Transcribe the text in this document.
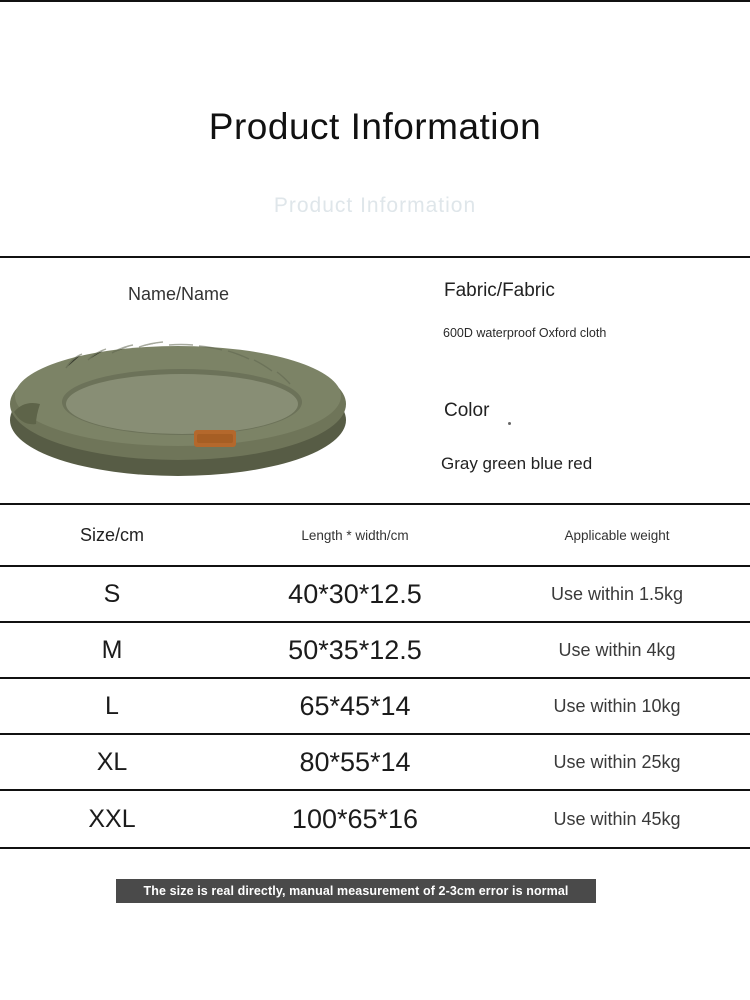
Product Information
Product Information
Name/Name	Fabric/Fabric
600D waterproof Oxford cloth
Color
Gray green blue red
Size/cm	Length * width/cm	Applicable weight
S	40*30*12.5	Use within 1.5kg
M	50*35*12.5	Use within 4kg
L	65*45*14	Use within 10kg
XL	80*55*14	Use within 25kg
XXL	100*65*16	Use within 45kg
The size is real directly, manual measurement of 2-3cm error is normal
